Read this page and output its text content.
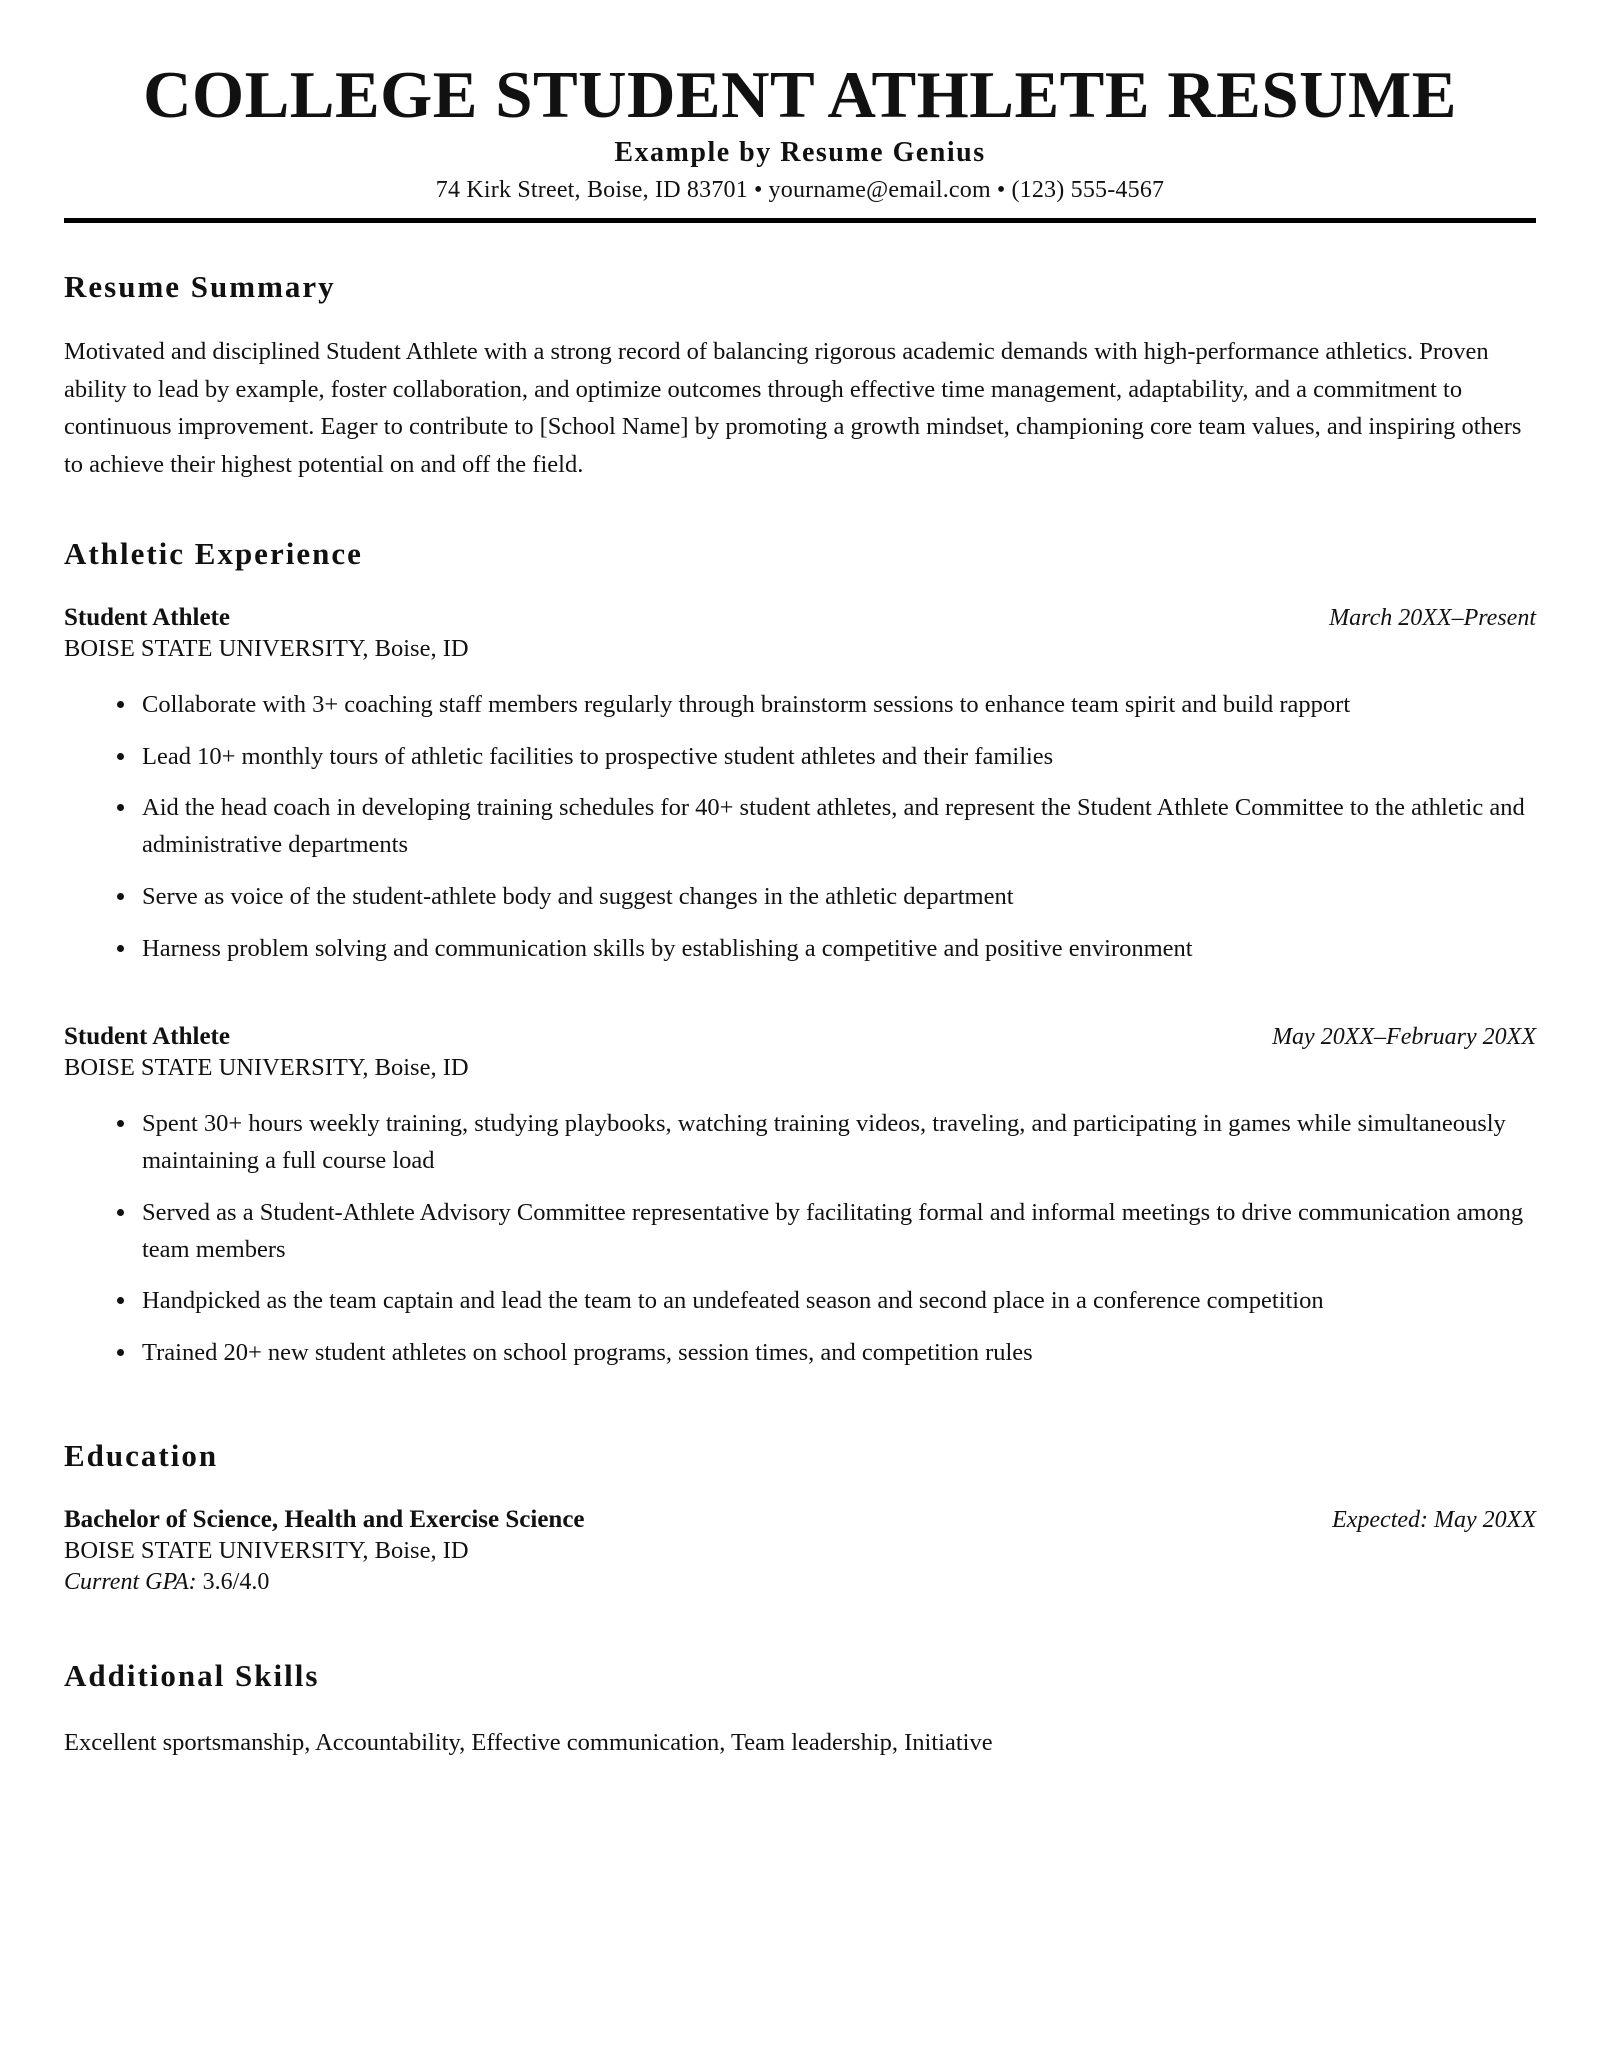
COLLEGE STUDENT ATHLETE RESUME
Example by Resume Genius
74 Kirk Street, Boise, ID 83701 • yourname@email.com • (123) 555-4567
Resume Summary

Motivated and disciplined Student Athlete with a strong record of balancing rigorous academic demands with high-performance athletics. Proven ability to lead by example, foster collaboration, and optimize outcomes through effective time management, adaptability, and a commitment to continuous improvement. Eager to contribute to [School Name] by promoting a growth mindset, championing core team values, and inspiring others to achieve their highest potential on and off the field.

Athletic Experience
Student Athlete	March 20XX–Present
BOISE STATE UNIVERSITY, Boise, ID
• Collaborate with 3+ coaching staff members regularly through brainstorm sessions to enhance team spirit and build rapport
• Lead 10+ monthly tours of athletic facilities to prospective student athletes and their families
• Aid the head coach in developing training schedules for 40+ student athletes, and represent the Student Athlete Committee to the athletic and administrative departments
• Serve as voice of the student-athlete body and suggest changes in the athletic department
• Harness problem solving and communication skills by establishing a competitive and positive environment
Student Athlete	May 20XX–February 20XX
BOISE STATE UNIVERSITY, Boise, ID
• Spent 30+ hours weekly training, studying playbooks, watching training videos, traveling, and participating in games while simultaneously maintaining a full course load
• Served as a Student-Athlete Advisory Committee representative by facilitating formal and informal meetings to drive communication among team members
• Handpicked as the team captain and lead the team to an undefeated season and second place in a conference competition
• Trained 20+ new student athletes on school programs, session times, and competition rules
Education
Bachelor of Science, Health and Exercise Science	Expected: May 20XX
BOISE STATE UNIVERSITY, Boise, ID
Current GPA: 3.6/4.0
Additional Skills

Excellent sportsmanship, Accountability, Effective communication, Team leadership, Initiative
